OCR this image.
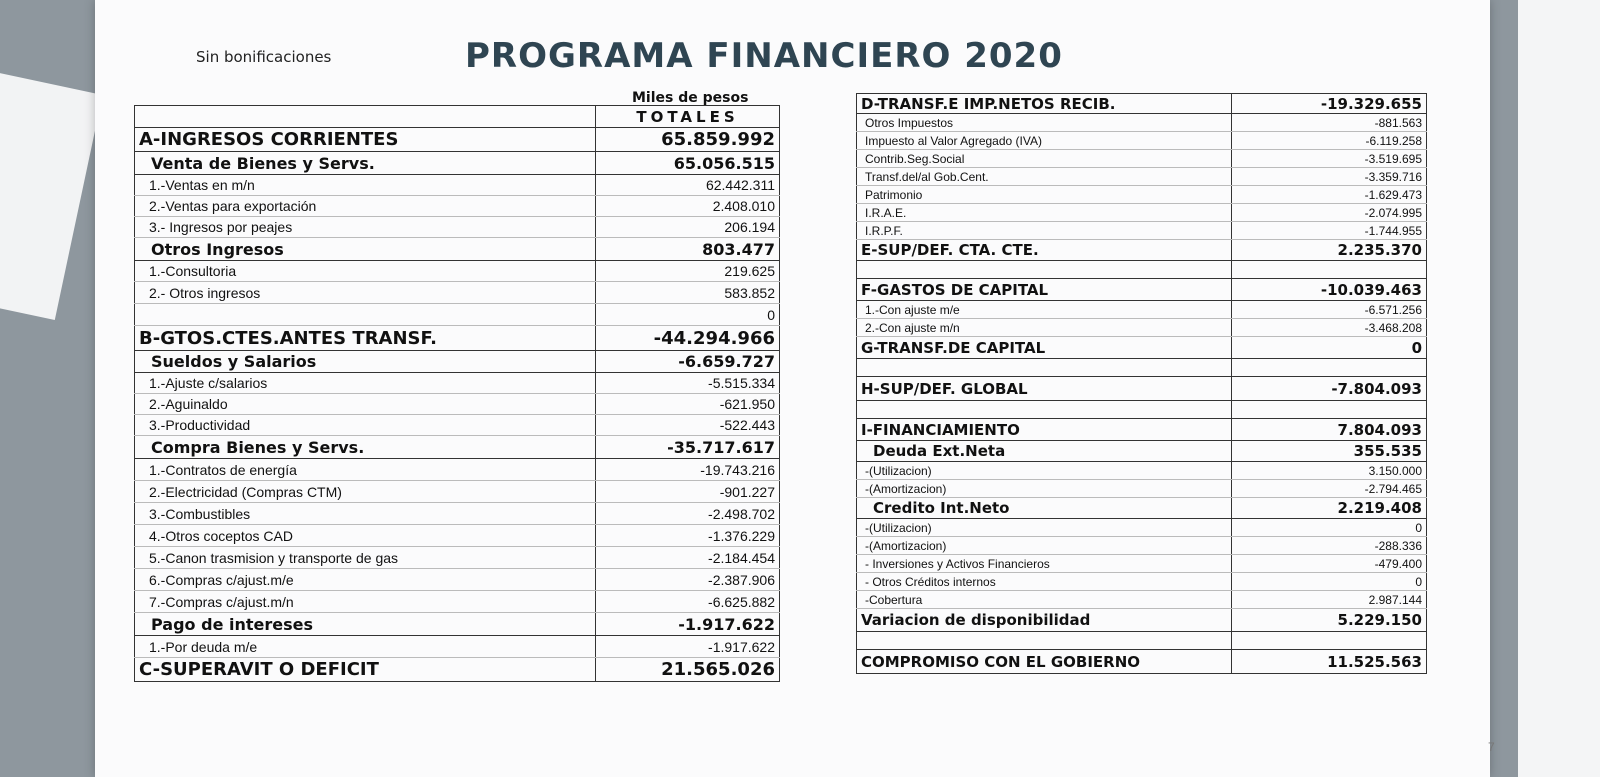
Sin bonificaciones	PROGRAMA FINANCIERO 2020
Miles de pesos
7
	TOTALES
A-INGRESOS CORRIENTES	65.859.992
Venta de Bienes y Servs.	65.056.515
1.-Ventas en m/n	62.442.311
2.-Ventas para exportación	2.408.010
3.- Ingresos por peajes	206.194
Otros Ingresos	803.477
1.-Consultoria	219.625
2.- Otros ingresos	583.852
	0
B-GTOS.CTES.ANTES TRANSF.	-44.294.966
Sueldos y Salarios	-6.659.727
1.-Ajuste c/salarios	-5.515.334
2.-Aguinaldo	-621.950
3.-Productividad	-522.443
Compra Bienes y Servs.	-35.717.617
1.-Contratos de energía	-19.743.216
2.-Electricidad (Compras CTM)	-901.227
3.-Combustibles	-2.498.702
4.-Otros coceptos CAD	-1.376.229
5.-Canon trasmision y transporte de gas	-2.184.454
6.-Compras c/ajust.m/e	-2.387.906
7.-Compras c/ajust.m/n	-6.625.882
Pago de intereses	-1.917.622
1.-Por deuda m/e	-1.917.622
C-SUPERAVIT O DEFICIT	21.565.026
D-TRANSF.E IMP.NETOS RECIB.	-19.329.655
Otros Impuestos	-881.563
Impuesto al Valor Agregado (IVA)	-6.119.258
Contrib.Seg.Social	-3.519.695
Transf.del/al Gob.Cent.	-3.359.716
Patrimonio	-1.629.473
I.R.A.E.	-2.074.995
I.R.P.F.	-1.744.955
E-SUP/DEF. CTA. CTE.	2.235.370

F-GASTOS DE CAPITAL	-10.039.463
1.-Con ajuste m/e	-6.571.256
2.-Con ajuste m/n	-3.468.208
G-TRANSF.DE CAPITAL	0

H-SUP/DEF. GLOBAL	-7.804.093

I-FINANCIAMIENTO	7.804.093
Deuda Ext.Neta	355.535
-(Utilizacion)	3.150.000
-(Amortizacion)	-2.794.465
Credito Int.Neto	2.219.408
-(Utilizacion)	0
-(Amortizacion)	-288.336
- Inversiones y Activos Financieros	-479.400
- Otros Créditos internos	0
-Cobertura	2.987.144
Variacion de disponibilidad	5.229.150

COMPROMISO CON EL GOBIERNO	11.525.563
